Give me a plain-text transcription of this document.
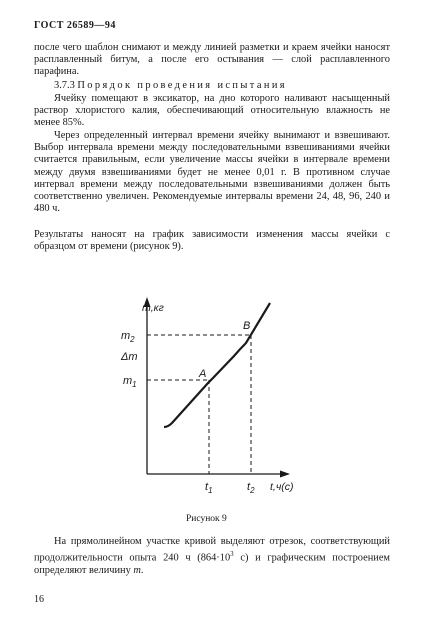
ГОСТ 26589—94
после чего шаблон снимают и между линией разметки и краем ячейки наносят расплавленный битум, а после его остывания — слой расплавленного парафина.
3.7.3 Порядок проведения испытания
Ячейку помещают в эксикатор, на дно которого наливают насыщенный раствор хлористого калия, обеспечивающий относительную влажность не менее 85%.
Через определенный интервал времени ячейку вынимают и взвешивают. Выбор интервала времени между последовательными взвешиваниями ячейки считается правильным, если увеличение массы ячейки в интервале времени между двумя взвешиваниями будет не менее 0,01 г. В противном случае интервал времени между последовательными взвешиваниями должен быть соответственно увеличен. Рекомендуемые интервалы времени 24, 48, 96, 240 и 480 ч.
Результаты наносят на график зависимости изменения массы ячейки с образцом от времени (рисунок 9).
m,кг
$m_2$
Δm
$m_1$
A
B
$t_1$	$t_2$ t,ч(с)
Рисунок 9
На прямолинейном участке кривой выделяют отрезок, соответствующий продолжительности опыта 240 ч ($864\cdot 10^3$ с) и графическим построением определяют величину m.
16
